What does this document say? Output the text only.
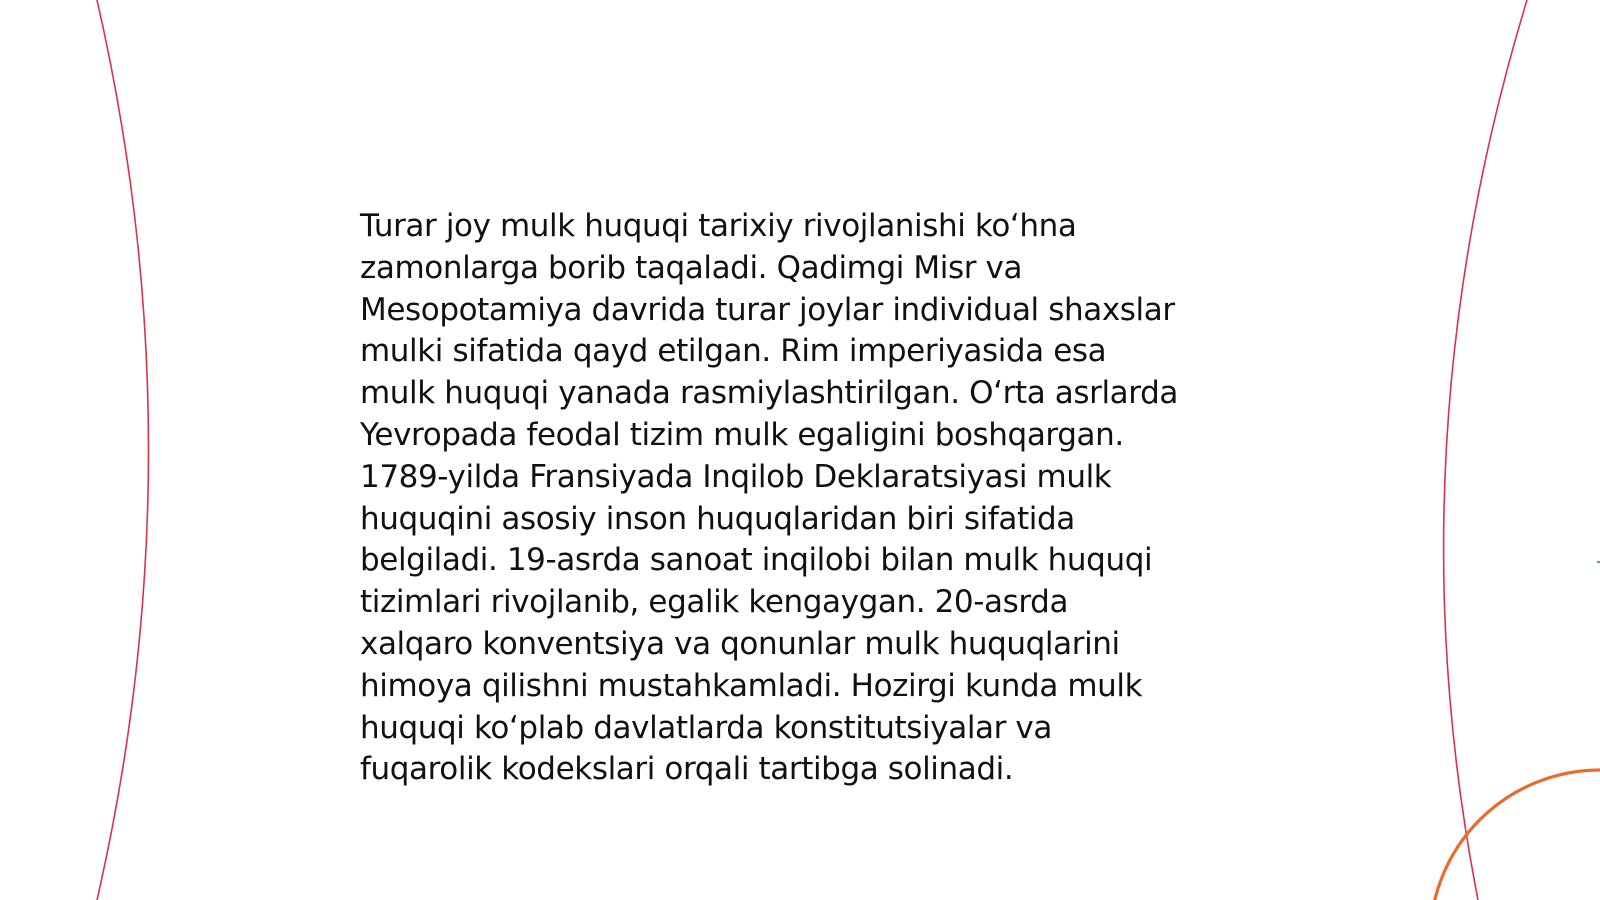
Turar joy mulk huquqi tarixiy rivojlanishi ko‘hna
zamonlarga borib taqaladi. Qadimgi Misr va
Mesopotamiya davrida turar joylar individual shaxslar
mulki sifatida qayd etilgan. Rim imperiyasida esa
mulk huquqi yanada rasmiylashtirilgan. O‘rta asrlarda
Yevropada feodal tizim mulk egaligini boshqargan.
1789-yilda Fransiyada Inqilob Deklaratsiyasi mulk
huquqini asosiy inson huquqlaridan biri sifatida
belgiladi. 19-asrda sanoat inqilobi bilan mulk huquqi
tizimlari rivojlanib, egalik kengaygan. 20-asrda
xalqaro konventsiya va qonunlar mulk huquqlarini
himoya qilishni mustahkamladi. Hozirgi kunda mulk
huquqi ko‘plab davlatlarda konstitutsiyalar va
fuqarolik kodekslari orqali tartibga solinadi.
